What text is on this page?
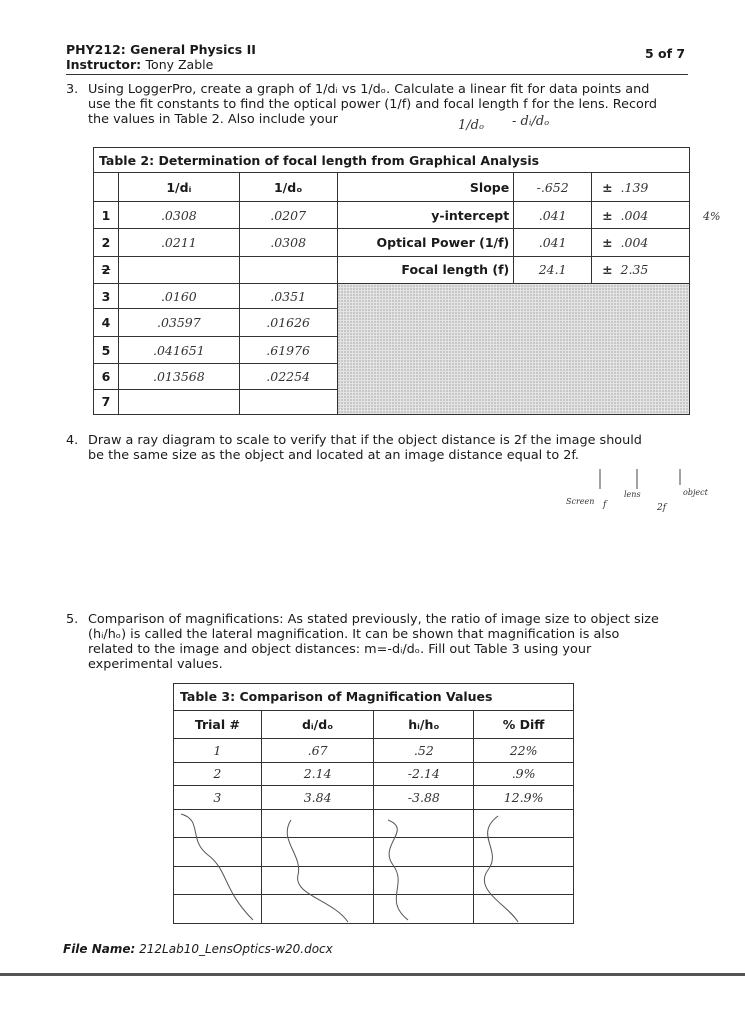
PHY212: General Physics II	5 of 7
Instructor: Tony Zable
3. Using LoggerPro, create a graph of 1/dᵢ vs 1/dₒ. Calculate a linear fit for data points and
use the fit constants to find the optical power (1/f) and focal length f for the lens. Record
the values in Table 2. Also include your	1/dₒ - dᵢ/dₒ
Table 2: Determination of focal length from Graphical Analysis					
	1/dᵢ	1/dₒ	Slope	-.652	± .139
1	.0308	.0207	y-intercept	.041	± .004
2	.0211	.0308	Optical Power (1/f)	.041	± .004
2			Focal length (f)	24.1	± 2.35
3	.0160	.0351			
4	.03597	.01626			
5	.041651	.61976			
6	.013568	.02254			
7					
4%
4. Draw a ray diagram to scale to verify that if the object distance is 2f the image should
be the same size as the object and located at an image distance equal to 2f.
Screen f
lens	object
2f
5. Comparison of magnifications: As stated previously, the ratio of image size to object size
(hᵢ/hₒ) is called the lateral magnification. It can be shown that magnification is also
related to the image and object distances: m=-dᵢ/dₒ. Fill out Table 3 using your
experimental values.
Table 3: Comparison of Magnification Values			
Trial #	dᵢ/dₒ	hᵢ/hₒ	% Diff
1	.67	.52	22%
2	2.14	-2.14	.9%
3	3.84	-3.88	12.9%

File Name: 212Lab10_LensOptics-w20.docx
